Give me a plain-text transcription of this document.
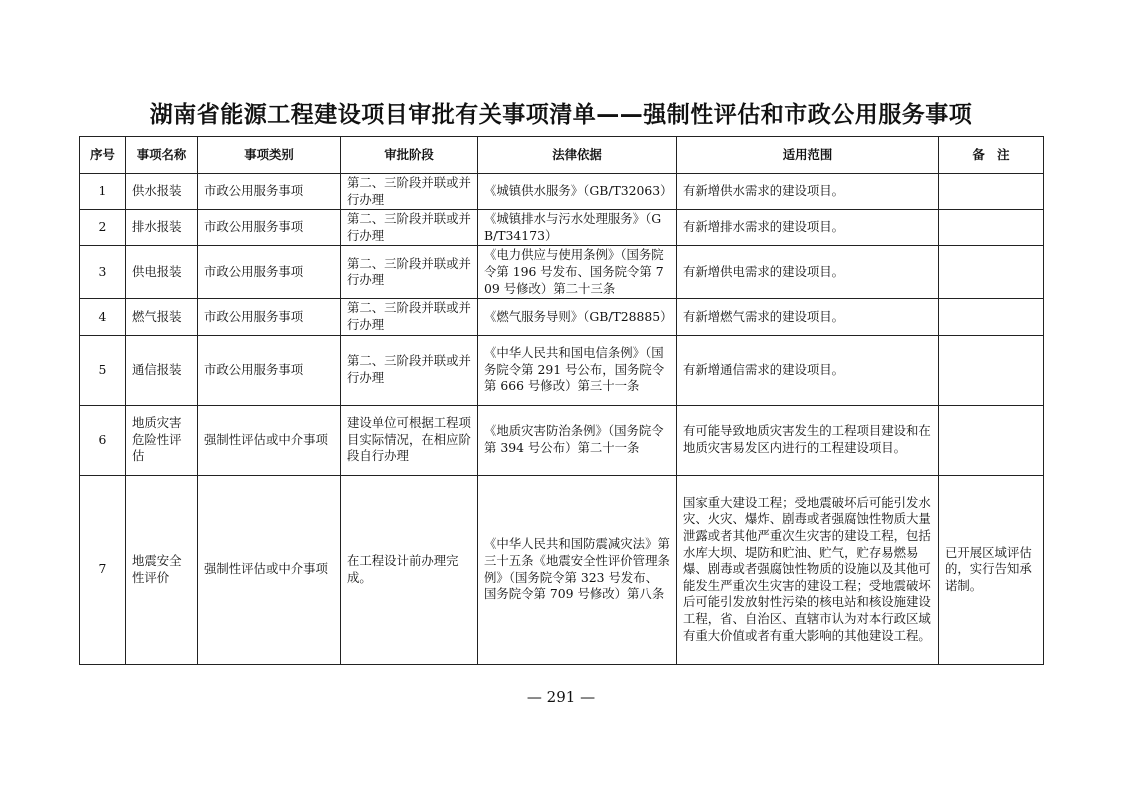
湖南省能源工程建设项目审批有关事项清单——强制性评估和市政公用服务事项
序号	事项名称	事项类别	审批阶段	法律依据	适用范围	备　注
1	供水报装	市政公用服务事项	第二、三阶段并联或并行办理	《城镇供水服务》（GB/T32063）	有新增供水需求的建设项目。	
2	排水报装	市政公用服务事项	第二、三阶段并联或并行办理	《城镇排水与污水处理服务》（GB/T34173）	有新增排水需求的建设项目。	
3	供电报装	市政公用服务事项	第二、三阶段并联或并行办理	《电力供应与使用条例》（国务院令第 196 号发布、国务院令第 709 号修改）第二十三条	有新增供电需求的建设项目。	
4	燃气报装	市政公用服务事项	第二、三阶段并联或并行办理	《燃气服务导则》（GB/T28885）	有新增燃气需求的建设项目。	
5	通信报装	市政公用服务事项	第二、三阶段并联或并行办理	《中华人民共和国电信条例》（国务院令第 291 号公布，国务院令第 666 号修改）第三十一条	有新增通信需求的建设项目。	
6	地质灾害危险性评估	强制性评估或中介事项	建设单位可根据工程项目实际情况，在相应阶段自行办理	《地质灾害防治条例》（国务院令第 394 号公布）第二十一条	有可能导致地质灾害发生的工程项目建设和在地质灾害易发区内进行的工程建设项目。	
7	地震安全性评价	强制性评估或中介事项	在工程设计前办理完成。	《中华人民共和国防震减灾法》第三十五条《地震安全性评价管理条例》（国务院令第 323 号发布、国务院令第 709 号修改）第八条	国家重大建设工程；受地震破坏后可能引发水灾、火灾、爆炸、剧毒或者强腐蚀性物质大量泄露或者其他严重次生灾害的建设工程，包括水库大坝、堤防和贮油、贮气，贮存易燃易爆、剧毒或者强腐蚀性物质的设施以及其他可能发生严重次生灾害的建设工程；受地震破坏后可能引发放射性污染的核电站和核设施建设工程，省、自治区、直辖市认为对本行政区域有重大价值或者有重大影响的其他建设工程。	已开展区域评估的，实行告知承诺制。
— 291 —
